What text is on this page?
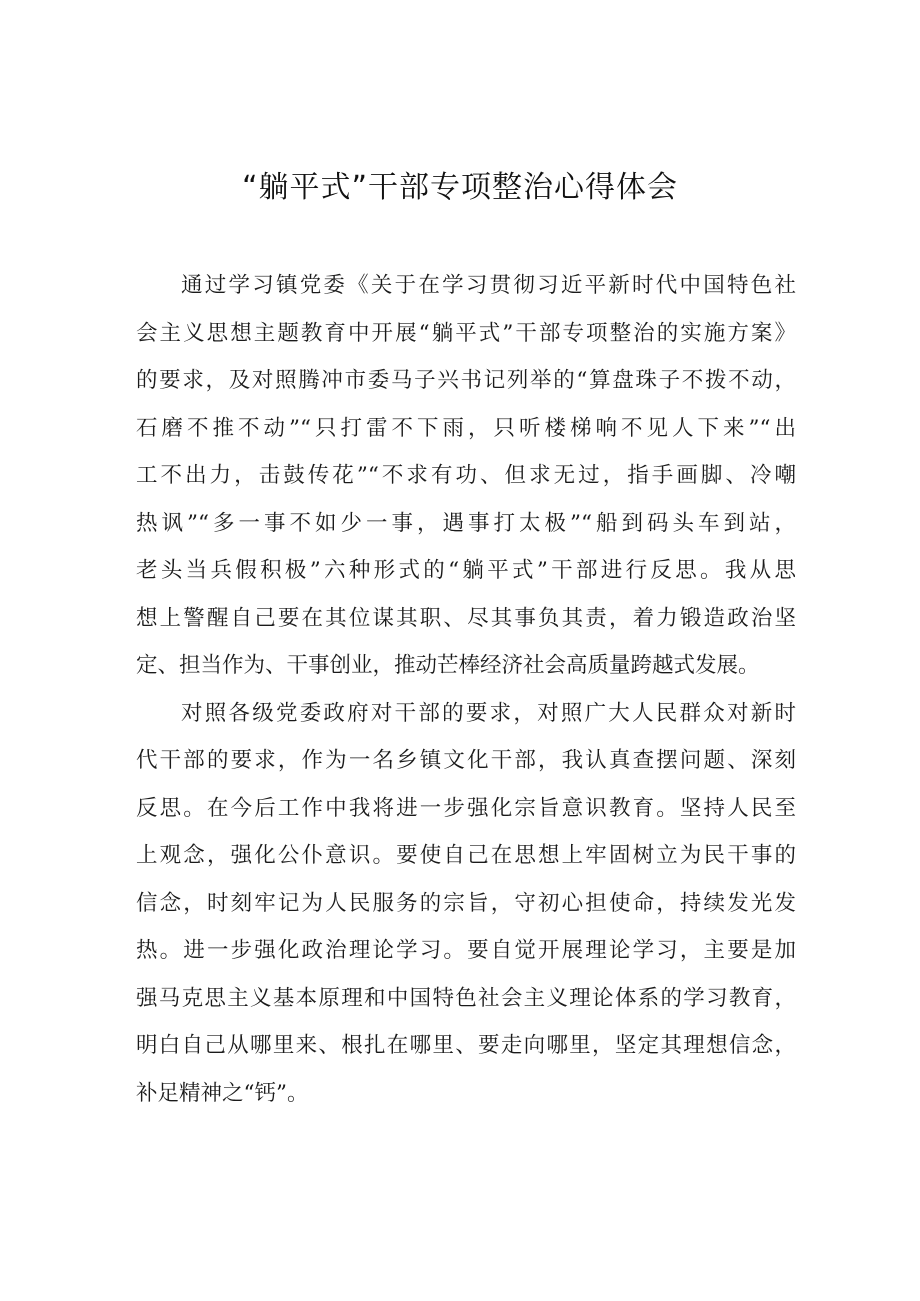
“躺平式”干部专项整治心得体会
通过学习镇党委《关于在学习贯彻习近平新时代中国特色社
会主义思想主题教育中开展“躺平式”干部专项整治的实施方案》
的要求，及对照腾冲市委马子兴书记列举的“算盘珠子不拨不动，
石磨不推不动”“只打雷不下雨，只听楼梯响不见人下来”“出
工不出力，击鼓传花”“不求有功、但求无过，指手画脚、冷嘲
热讽”“多一事不如少一事，遇事打太极”“船到码头车到站，
老头当兵假积极”六种形式的“躺平式”干部进行反思。我从思
想上警醒自己要在其位谋其职、尽其事负其责，着力锻造政治坚
定、担当作为、干事创业，推动芒棒经济社会高质量跨越式发展。
对照各级党委政府对干部的要求，对照广大人民群众对新时
代干部的要求，作为一名乡镇文化干部，我认真查摆问题、深刻
反思。在今后工作中我将进一步强化宗旨意识教育。坚持人民至
上观念，强化公仆意识。要使自己在思想上牢固树立为民干事的
信念，时刻牢记为人民服务的宗旨，守初心担使命，持续发光发
热。进一步强化政治理论学习。要自觉开展理论学习，主要是加
强马克思主义基本原理和中国特色社会主义理论体系的学习教育，
明白自己从哪里来、根扎在哪里、要走向哪里，坚定其理想信念，
补足精神之“钙”。
